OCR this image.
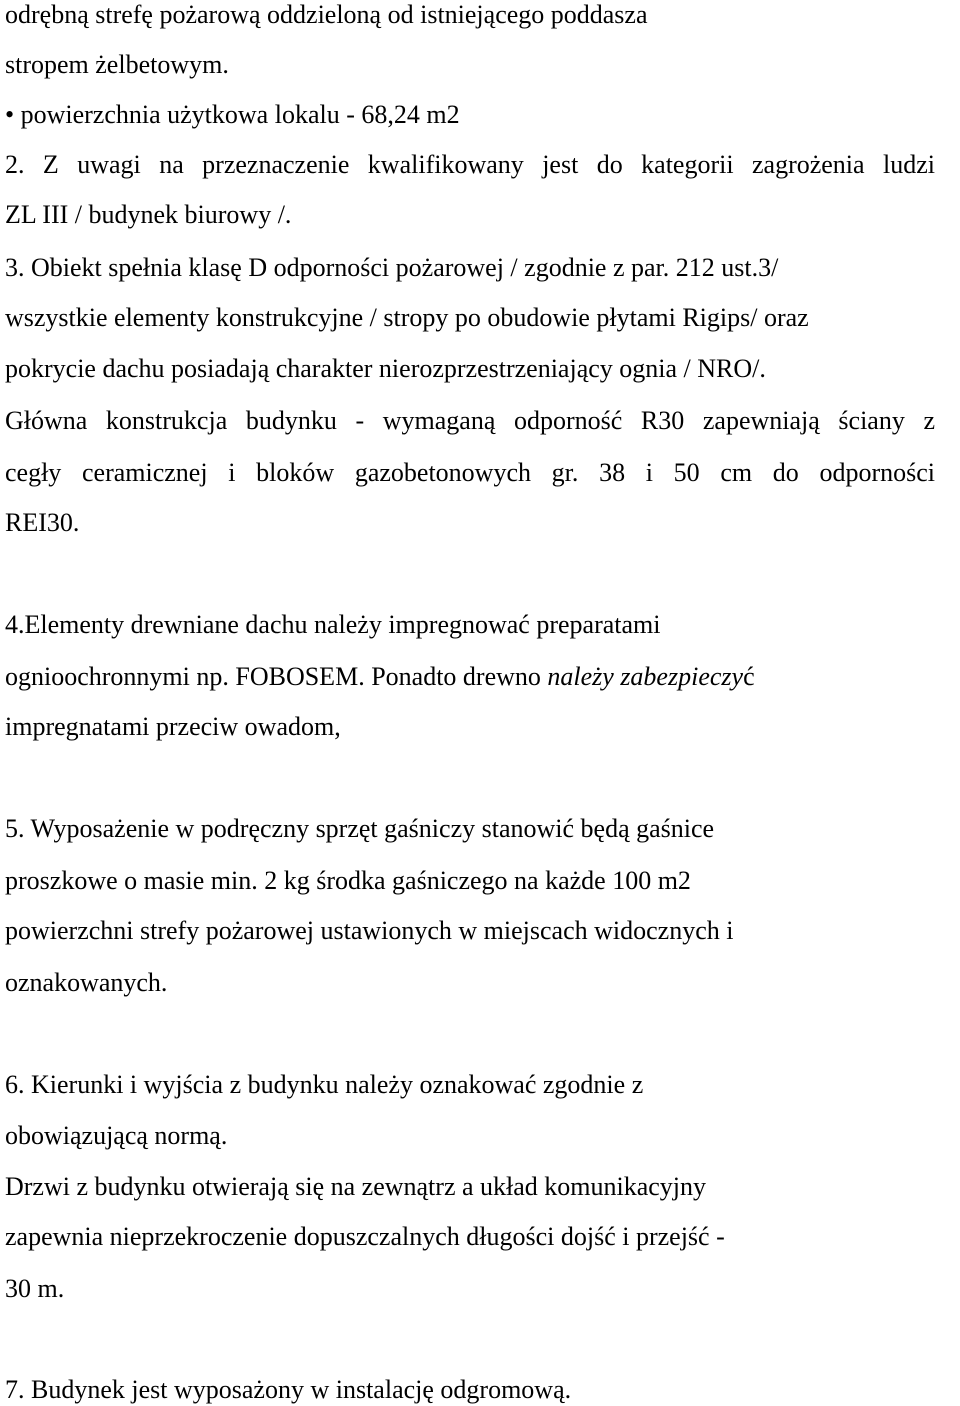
odrębną strefę pożarową oddzieloną od istniejącego poddasza
stropem żelbetowym.
• powierzchnia użytkowa lokalu - 68,24 m2
2. Z uwagi na przeznaczenie kwalifikowany jest do kategorii zagrożenia ludzi
ZL III / budynek biurowy /.
3. Obiekt spełnia klasę D odporności pożarowej / zgodnie z par. 212 ust.3/
wszystkie elementy konstrukcyjne / stropy po obudowie płytami Rigips/ oraz
pokrycie dachu posiadają charakter nierozprzestrzeniający ognia / NRO/.
Główna konstrukcja budynku - wymaganą odporność R30 zapewniają ściany z
cegły ceramicznej i bloków gazobetonowych gr. 38 i 50 cm do odporności
REI30.
4.Elementy drewniane dachu należy impregnować preparatami
ognioochronnymi np. FOBOSEM. Ponadto drewno należy zabezpieczyć
impregnatami przeciw owadom,
5. Wyposażenie w podręczny sprzęt gaśniczy stanowić będą gaśnice
proszkowe o masie min. 2 kg środka gaśniczego na każde 100 m2
powierzchni strefy pożarowej ustawionych w miejscach widocznych i
oznakowanych.
6. Kierunki i wyjścia z budynku należy oznakować zgodnie z
obowiązującą normą.
Drzwi z budynku otwierają się na zewnątrz a układ komunikacyjny
zapewnia nieprzekroczenie dopuszczalnych długości dojść i przejść -
30 m.
7. Budynek jest wyposażony w instalację odgromową.
